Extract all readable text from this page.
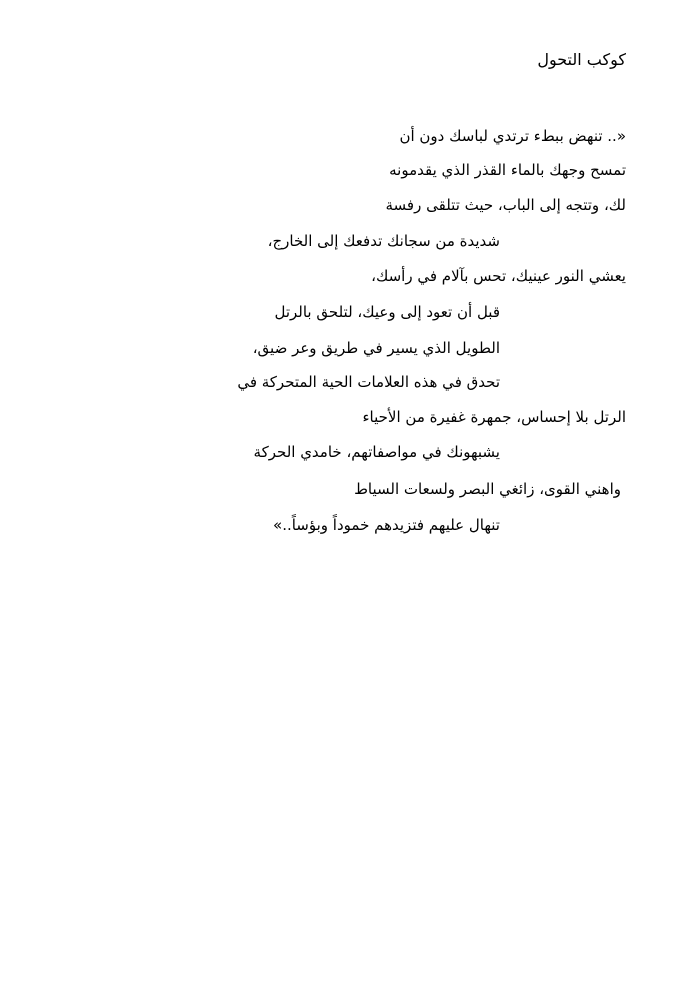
كوكب التحول
«.. تنهض ببطء ترتدي لباسك دون أن
تمسح وجهك بالماء القذر الذي يقدمونه
لك، وتتجه إلى الباب، حيث تتلقى رفسة
شديدة من سجانك تدفعك إلى الخارج،
يعشي النور عينيك، تحس بآلام في رأسك،
قبل أن تعود إلى وعيك، لتلحق بالرتل
الطويل الذي يسير في طريق وعر ضيق،
تحدق في هذه العلامات الحية المتحركة في
الرتل بلا إحساس، جمهرة غفيرة من الأحياء
يشبهونك في مواصفاتهم، خامدي الحركة
واهني القوى، زائغي البصر ولسعات السياط
تنهال عليهم فتزيدهم خموداً وبؤساً..»
